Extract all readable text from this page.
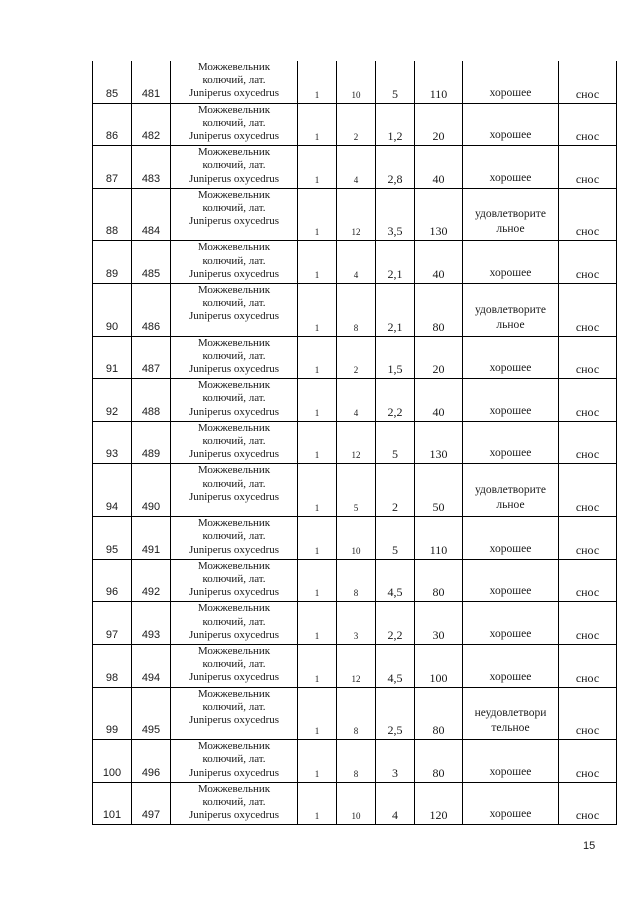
85	481	Можжевельник
колючий, лат.
Juniperus oxycedrus	1	10	5	110	хорошее	снос
86	482	Можжевельник
колючий, лат.
Juniperus oxycedrus	1	2	1,2	20	хорошее	снос
87	483	Можжевельник
колючий, лат.
Juniperus oxycedrus	1	4	2,8	40	хорошее	снос
88	484	Можжевельник
колючий, лат.
Juniperus oxycedrus	1	12	3,5	130	удовлетворите льное	снос
89	485	Можжевельник
колючий, лат.
Juniperus oxycedrus	1	4	2,1	40	хорошее	снос
90	486	Можжевельник
колючий, лат.
Juniperus oxycedrus	1	8	2,1	80	удовлетворите льное	снос
91	487	Можжевельник
колючий, лат.
Juniperus oxycedrus	1	2	1,5	20	хорошее	снос
92	488	Можжевельник
колючий, лат.
Juniperus oxycedrus	1	4	2,2	40	хорошее	снос
93	489	Можжевельник
колючий, лат.
Juniperus oxycedrus	1	12	5	130	хорошее	снос
94	490	Можжевельник
колючий, лат.
Juniperus oxycedrus	1	5	2	50	удовлетворите льное	снос
95	491	Можжевельник
колючий, лат.
Juniperus oxycedrus	1	10	5	110	хорошее	снос
96	492	Можжевельник
колючий, лат.
Juniperus oxycedrus	1	8	4,5	80	хорошее	снос
97	493	Можжевельник
колючий, лат.
Juniperus oxycedrus	1	3	2,2	30	хорошее	снос
98	494	Можжевельник
колючий, лат.
Juniperus oxycedrus	1	12	4,5	100	хорошее	снос
99	495	Можжевельник
колючий, лат.
Juniperus oxycedrus	1	8	2,5	80	неудовлетвори тельное	снос
100	496	Можжевельник
колючий, лат.
Juniperus oxycedrus	1	8	3	80	хорошее	снос
101	497	Можжевельник
колючий, лат.
Juniperus oxycedrus	1	10	4	120	хорошее	снос
15
